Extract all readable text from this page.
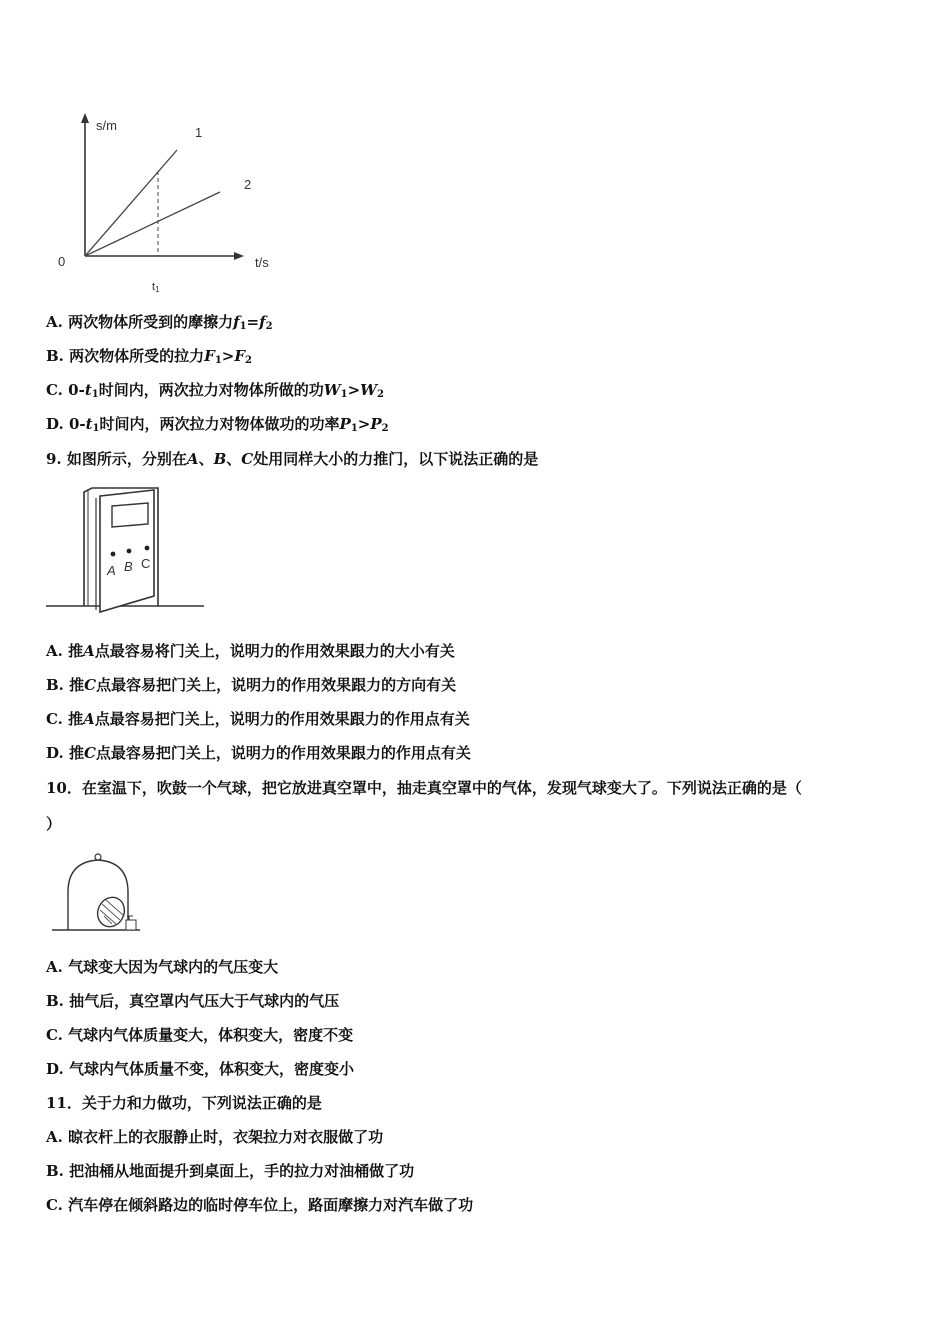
s/m
t/s
0
1
2
t1
A. 两次物体所受到的摩擦力$f_1=f_2$
B. 两次物体所受的拉力$F_1>F_2$
C. $0-t_1$时间内，两次拉力对物体所做的功$W_1>W_2$
D. $0-t_1$时间内，两次拉力对物体做功的功率$P_1>P_2$
9. 如图所示，分别在A、B、C处用同样大小的力推门，以下说法正确的是
A B C
A. 推A点最容易将门关上，说明力的作用效果跟力的大小有关
B. 推C点最容易把门关上，说明力的作用效果跟力的方向有关
C. 推A点最容易把门关上，说明力的作用效果跟力的作用点有关
D. 推C点最容易把门关上，说明力的作用效果跟力的作用点有关
10．在室温下，吹鼓一个气球，把它放进真空罩中，抽走真空罩中的气体，发现气球变大了。下列说法正确的是（
）
A. 气球变大因为气球内的气压变大
B. 抽气后，真空罩内气压大于气球内的气压
C. 气球内气体质量变大，体积变大，密度不变
D. 气球内气体质量不变，体积变大，密度变小
11．关于力和力做功，下列说法正确的是
A. 晾衣杆上的衣服静止时，衣架拉力对衣服做了功
B. 把油桶从地面提升到桌面上，手的拉力对油桶做了功
C. 汽车停在倾斜路边的临时停车位上，路面摩擦力对汽车做了功
